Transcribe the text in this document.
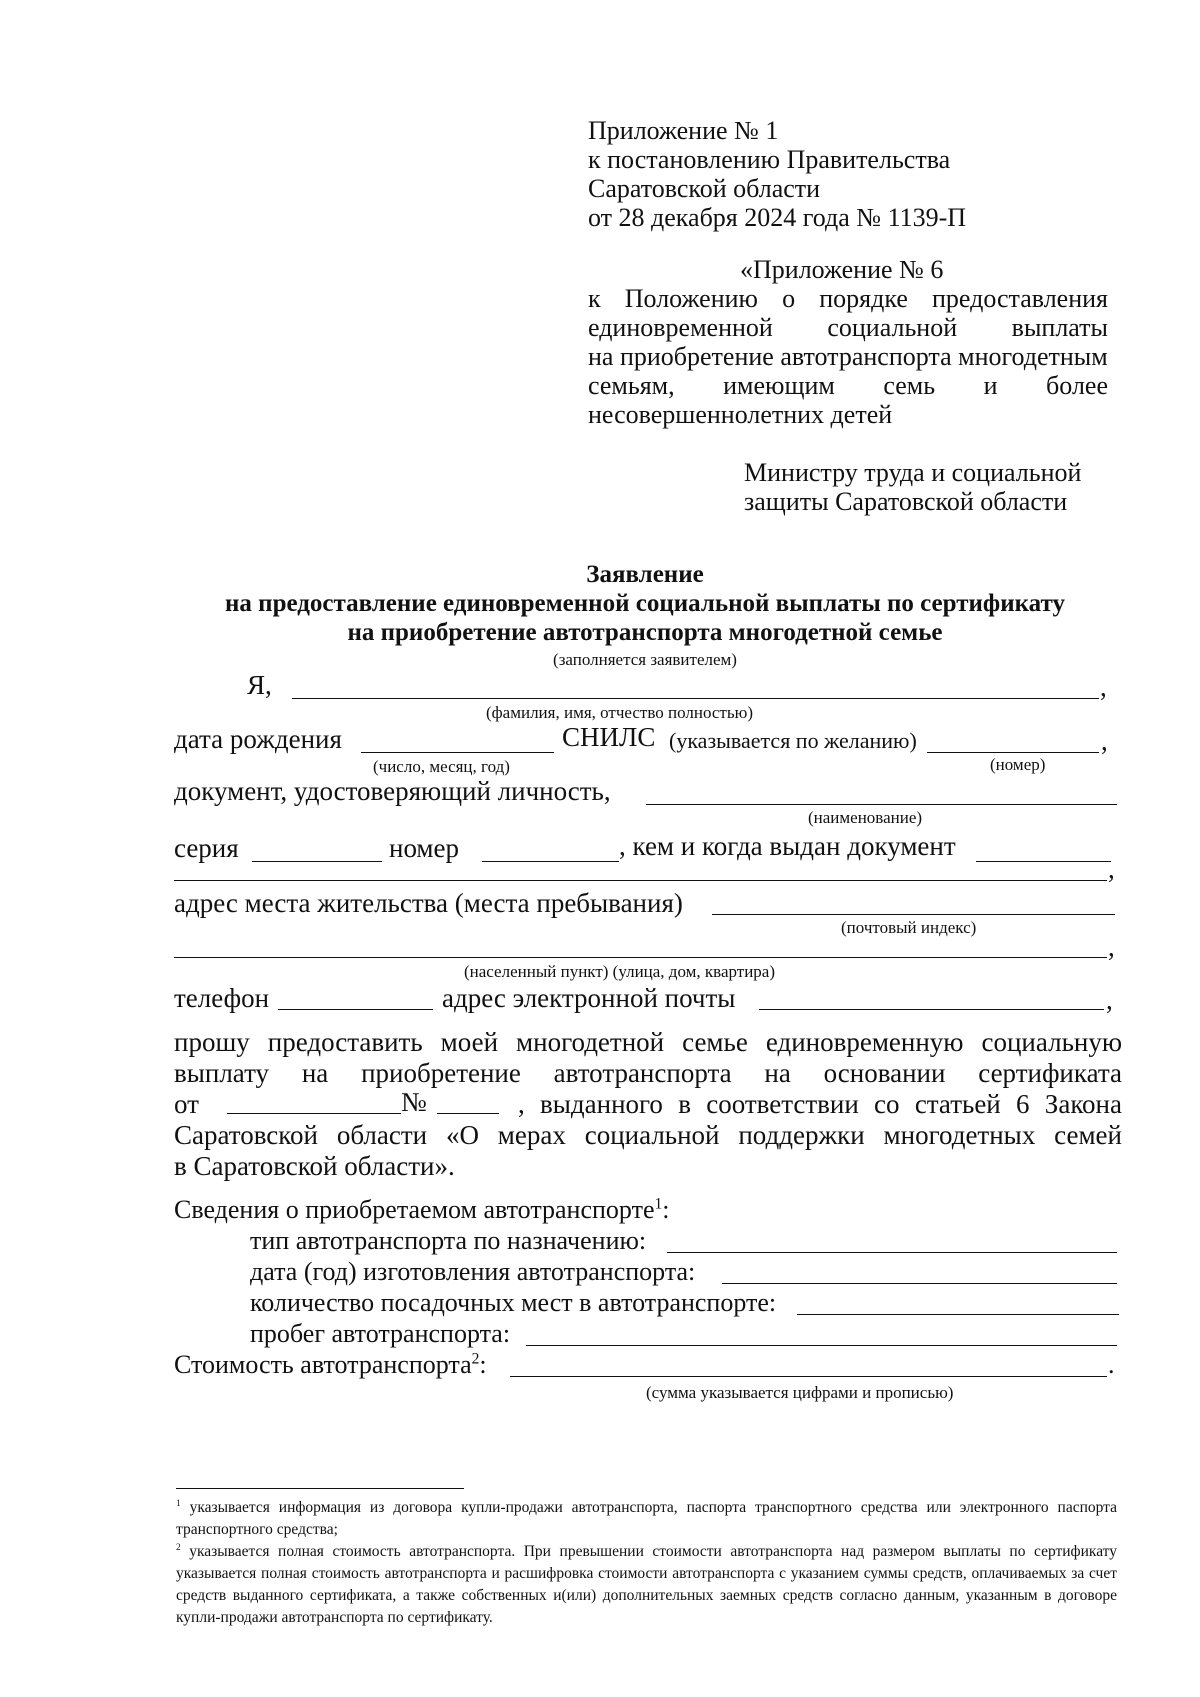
Приложение № 1
к постановлению Правительства
Саратовской области
от 28 декабря 2024 года № 1139-П
«Приложение № 6
к Положению о порядке предоставления
единовременной социальной выплаты
на приобретение автотранспорта многодетным
семьям, имеющим семь и более
несовершеннолетних детей
Министру труда и социальной
защиты Саратовской области
Заявление
на предоставление единовременной социальной выплаты по сертификату
на приобретение автотранспорта многодетной семье
(заполняется заявителем)
Я,	,
(фамилия, имя, отчество полностью)
дата рождения	СНИЛС (указывается по желанию)	,
(число, месяц, год)	(номер)
документ, удостоверяющий личность,
(наименование)
серия	номер	, кем и когда выдан документ
,
адрес места жительства (места пребывания)
(почтовый индекс)
,
(населенный пункт) (улица, дом, квартира)
телефон	адрес электронной почты	,
прошу предоставить моей многодетной семье единовременную социальную
выплату на приобретение автотранспорта на основании сертификата
от	№	, выданного в соответствии со статьей 6 Закона
Саратовской области «О мерах социальной поддержки многодетных семей
в Саратовской области».
Сведения о приобретаемом автотранспорте$^1$:
тип автотранспорта по назначению:
дата (год) изготовления автотранспорта:
количество посадочных мест в автотранспорте:
пробег автотранспорта:
Стоимость автотранспорта$^2$:	.
(сумма указывается цифрами и прописью)
$^1$ указывается информация из договора купли-продажи автотранспорта, паспорта транспортного средства или электронного паспорта транспортного средства;
$^2$ указывается полная стоимость автотранспорта. При превышении стоимости автотранспорта над размером выплаты по сертификату указывается полная стоимость автотранспорта и расшифровка стоимости автотранспорта с указанием суммы средств, оплачиваемых за счет средств выданного сертификата, а также собственных и(или) дополнительных заемных средств согласно данным, указанным в договоре купли-продажи автотранспорта по сертификату.
